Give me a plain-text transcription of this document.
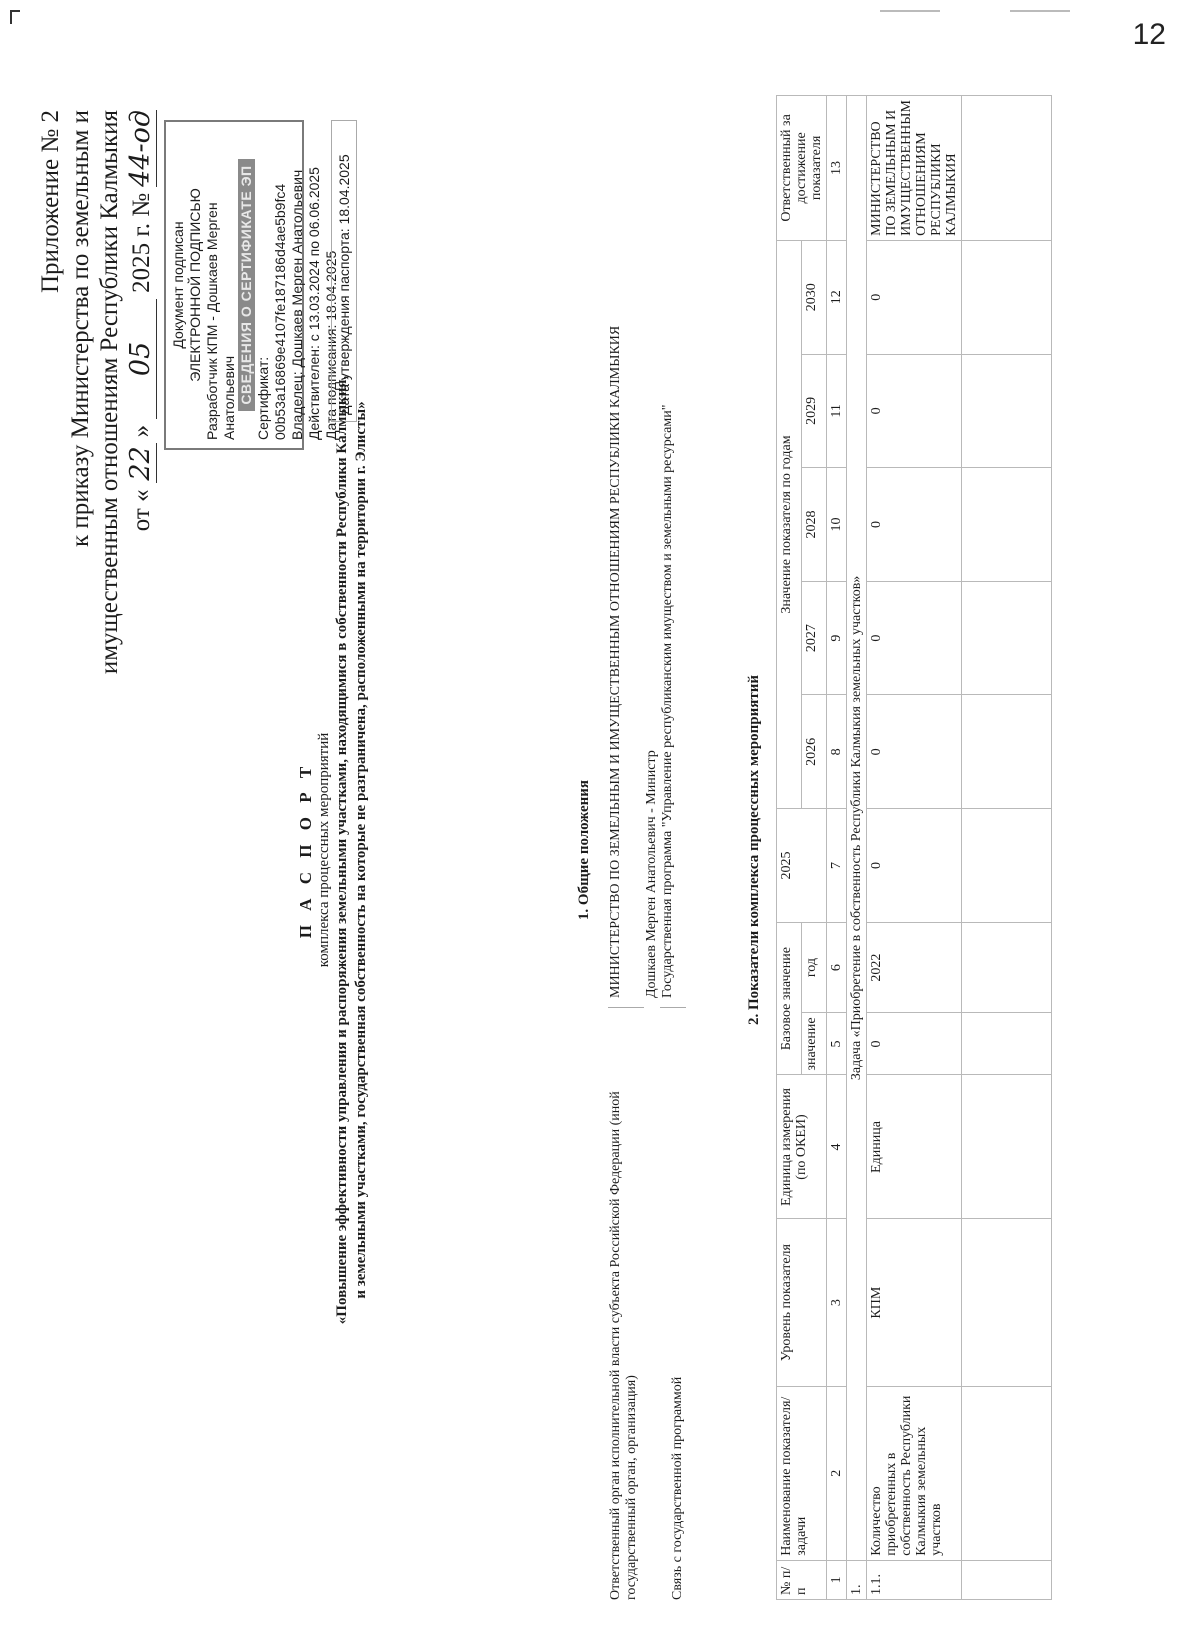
12
Приложение № 2 к приказу Министерства по земельным и имущественным отношениям Республики Калмыкия от «
22
»
05
2025 г. №
44-од
Документ подписан ЭЛЕКТРОННОЙ ПОДПИСЬЮ Разработчик КПМ - Дошкаев Мерген Анатольевич СВЕДЕНИЯ О СЕРТИФИКАТЕ ЭП Сертификат: 00b53a16869e4107fe187186d4ae5b9fc4 Владелец: Дошкаев Мерген Анатольевич Действителен: с 13.03.2024 по 06.06.2025 Дата подписания: 18.04.2025
Дата утверждения паспорта: 18.04.2025
П А С П О Р Т комплекса процессных мероприятий «Повышение эффективности управления и распоряжения земельными участками, находящимися в собственности Республики Калмыкия, и земельными участками, государственная собственность на которые не разграничена, расположенными на территории г. Элисты»	1. Общие положения
Ответственный орган исполнительной власти субъекта Российской Федерации (иной государственный орган, организация)
МИНИСТЕРСТВО ПО ЗЕМЕЛЬНЫМ И ИМУЩЕСТВЕННЫМ ОТНОШЕНИЯМ РЕСПУБЛИКИ КАЛМЫКИЯ Дошкаев Мерген Анатольевич - Министр
Связь с государственной программой
Государственная программа "Управление республиканским имуществом и земельными ресурсами"	2. Показатели комплекса процессных мероприятий
№ п/п	Наименование показателя/задачи	Уровень показателя	Единица измерения (по ОКЕИ)	Базовое значение		2025	Значение показателя по годам					Ответственный за достижение показателя
				значение	год		2026	2027	2028	2029	2030	
1	2	3	4	5	6	7	8	9	10	11	12	13
1.	Задача «Приобретение в собственность Республики Калмыкия земельных участков»											
1.1.	Количество приобретенных в собственность Республики Калмыкия земельных участков	КПМ	Единица	0	2022	0	0	0	0	0	0	МИНИСТЕРСТВО ПО ЗЕМЕЛЬНЫМ И ИМУЩЕСТВЕННЫМ ОТНОШЕНИЯМ РЕСПУБЛИКИ КАЛМЫКИЯ
